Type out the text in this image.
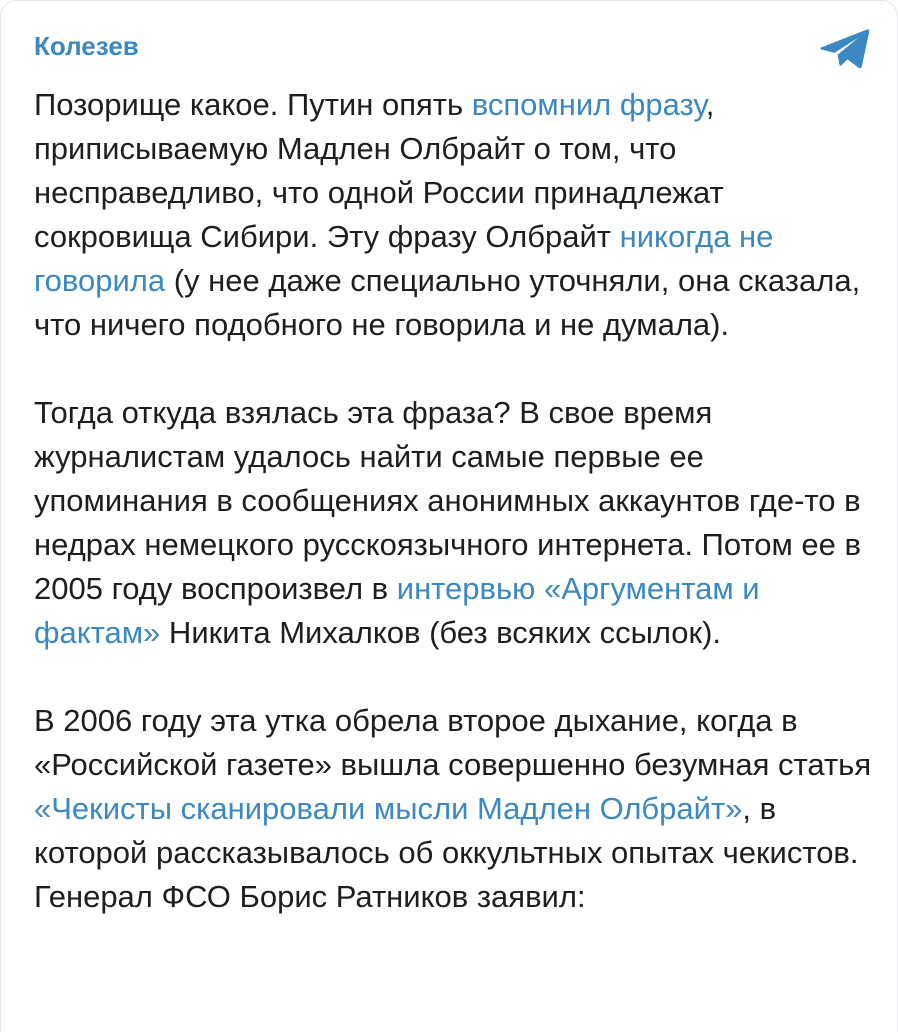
Колезев

Позорище какое. Путин опять вспомнил фразу, приписываемую Мадлен Олбрайт о том, что несправедливо, что одной России принадлежат сокровища Сибири. Эту фразу Олбрайт никогда не говорила (у нее даже специально уточняли, она сказала, что ничего подобного не говорила и не думала).

Тогда откуда взялась эта фраза? В свое время журналистам удалось найти самые первые ее упоминания в сообщениях анонимных аккаунтов где-то в недрах немецкого русскоязычного интернета. Потом ее в 2005 году воспроизвел в интервью «Аргументам и фактам» Никита Михалков (без всяких ссылок).

В 2006 году эта утка обрела второе дыхание, когда в «Российской газете» вышла совершенно безумная статья «Чекисты сканировали мысли Мадлен Олбрайт», в которой рассказывалось об оккультных опытах чекистов. Генерал ФСО Борис Ратников заявил:
